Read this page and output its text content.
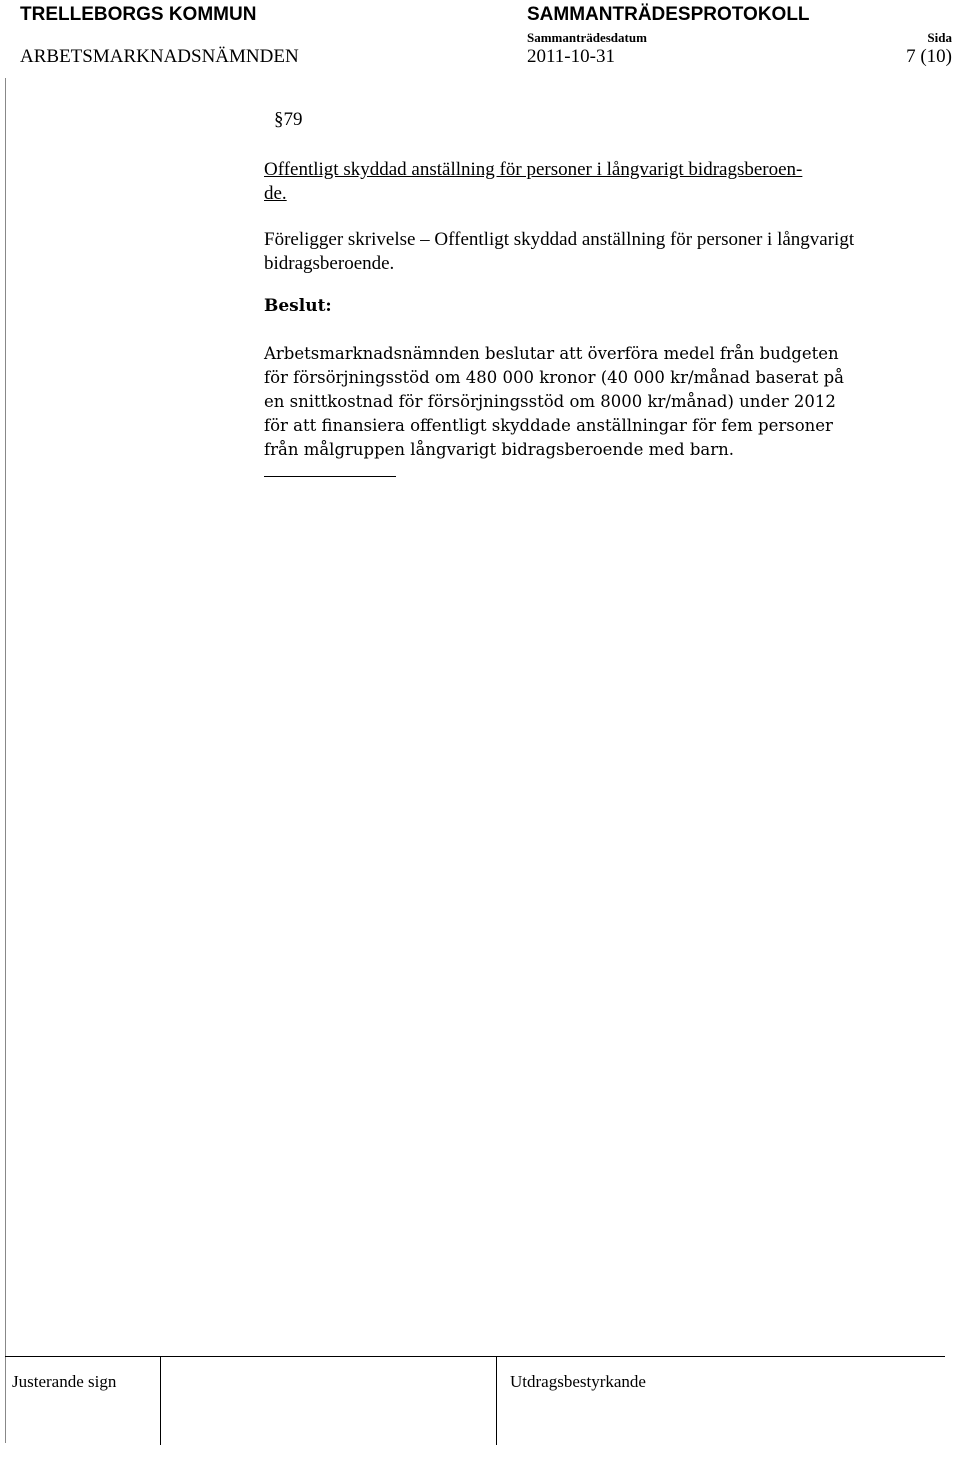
TRELLEBORGS KOMMUN
ARBETSMARKNADSNÄMNDEN
SAMMANTRÄDESPROTOKOLL
Sammanträdesdatum
2011-10-31
Sida
7 (10)
§79
Offentligt skyddad anställning för personer i långvarigt bidragsberoen-
de.

Föreligger skrivelse – Offentligt skyddad anställning för personer i långvarigt bidragsberoende.

Beslut:
Arbetsmarknadsnämnden beslutar att överföra medel från budgeten
för försörjningsstöd om 480 000 kronor (40 000 kr/månad baserat på
en snittkostnad för försörjningsstöd om 8000 kr/månad) under 2012
för att finansiera offentligt skyddade anställningar för fem personer
från målgruppen långvarigt bidragsberoende med barn.
Justerande sign	Utdragsbestyrkande
